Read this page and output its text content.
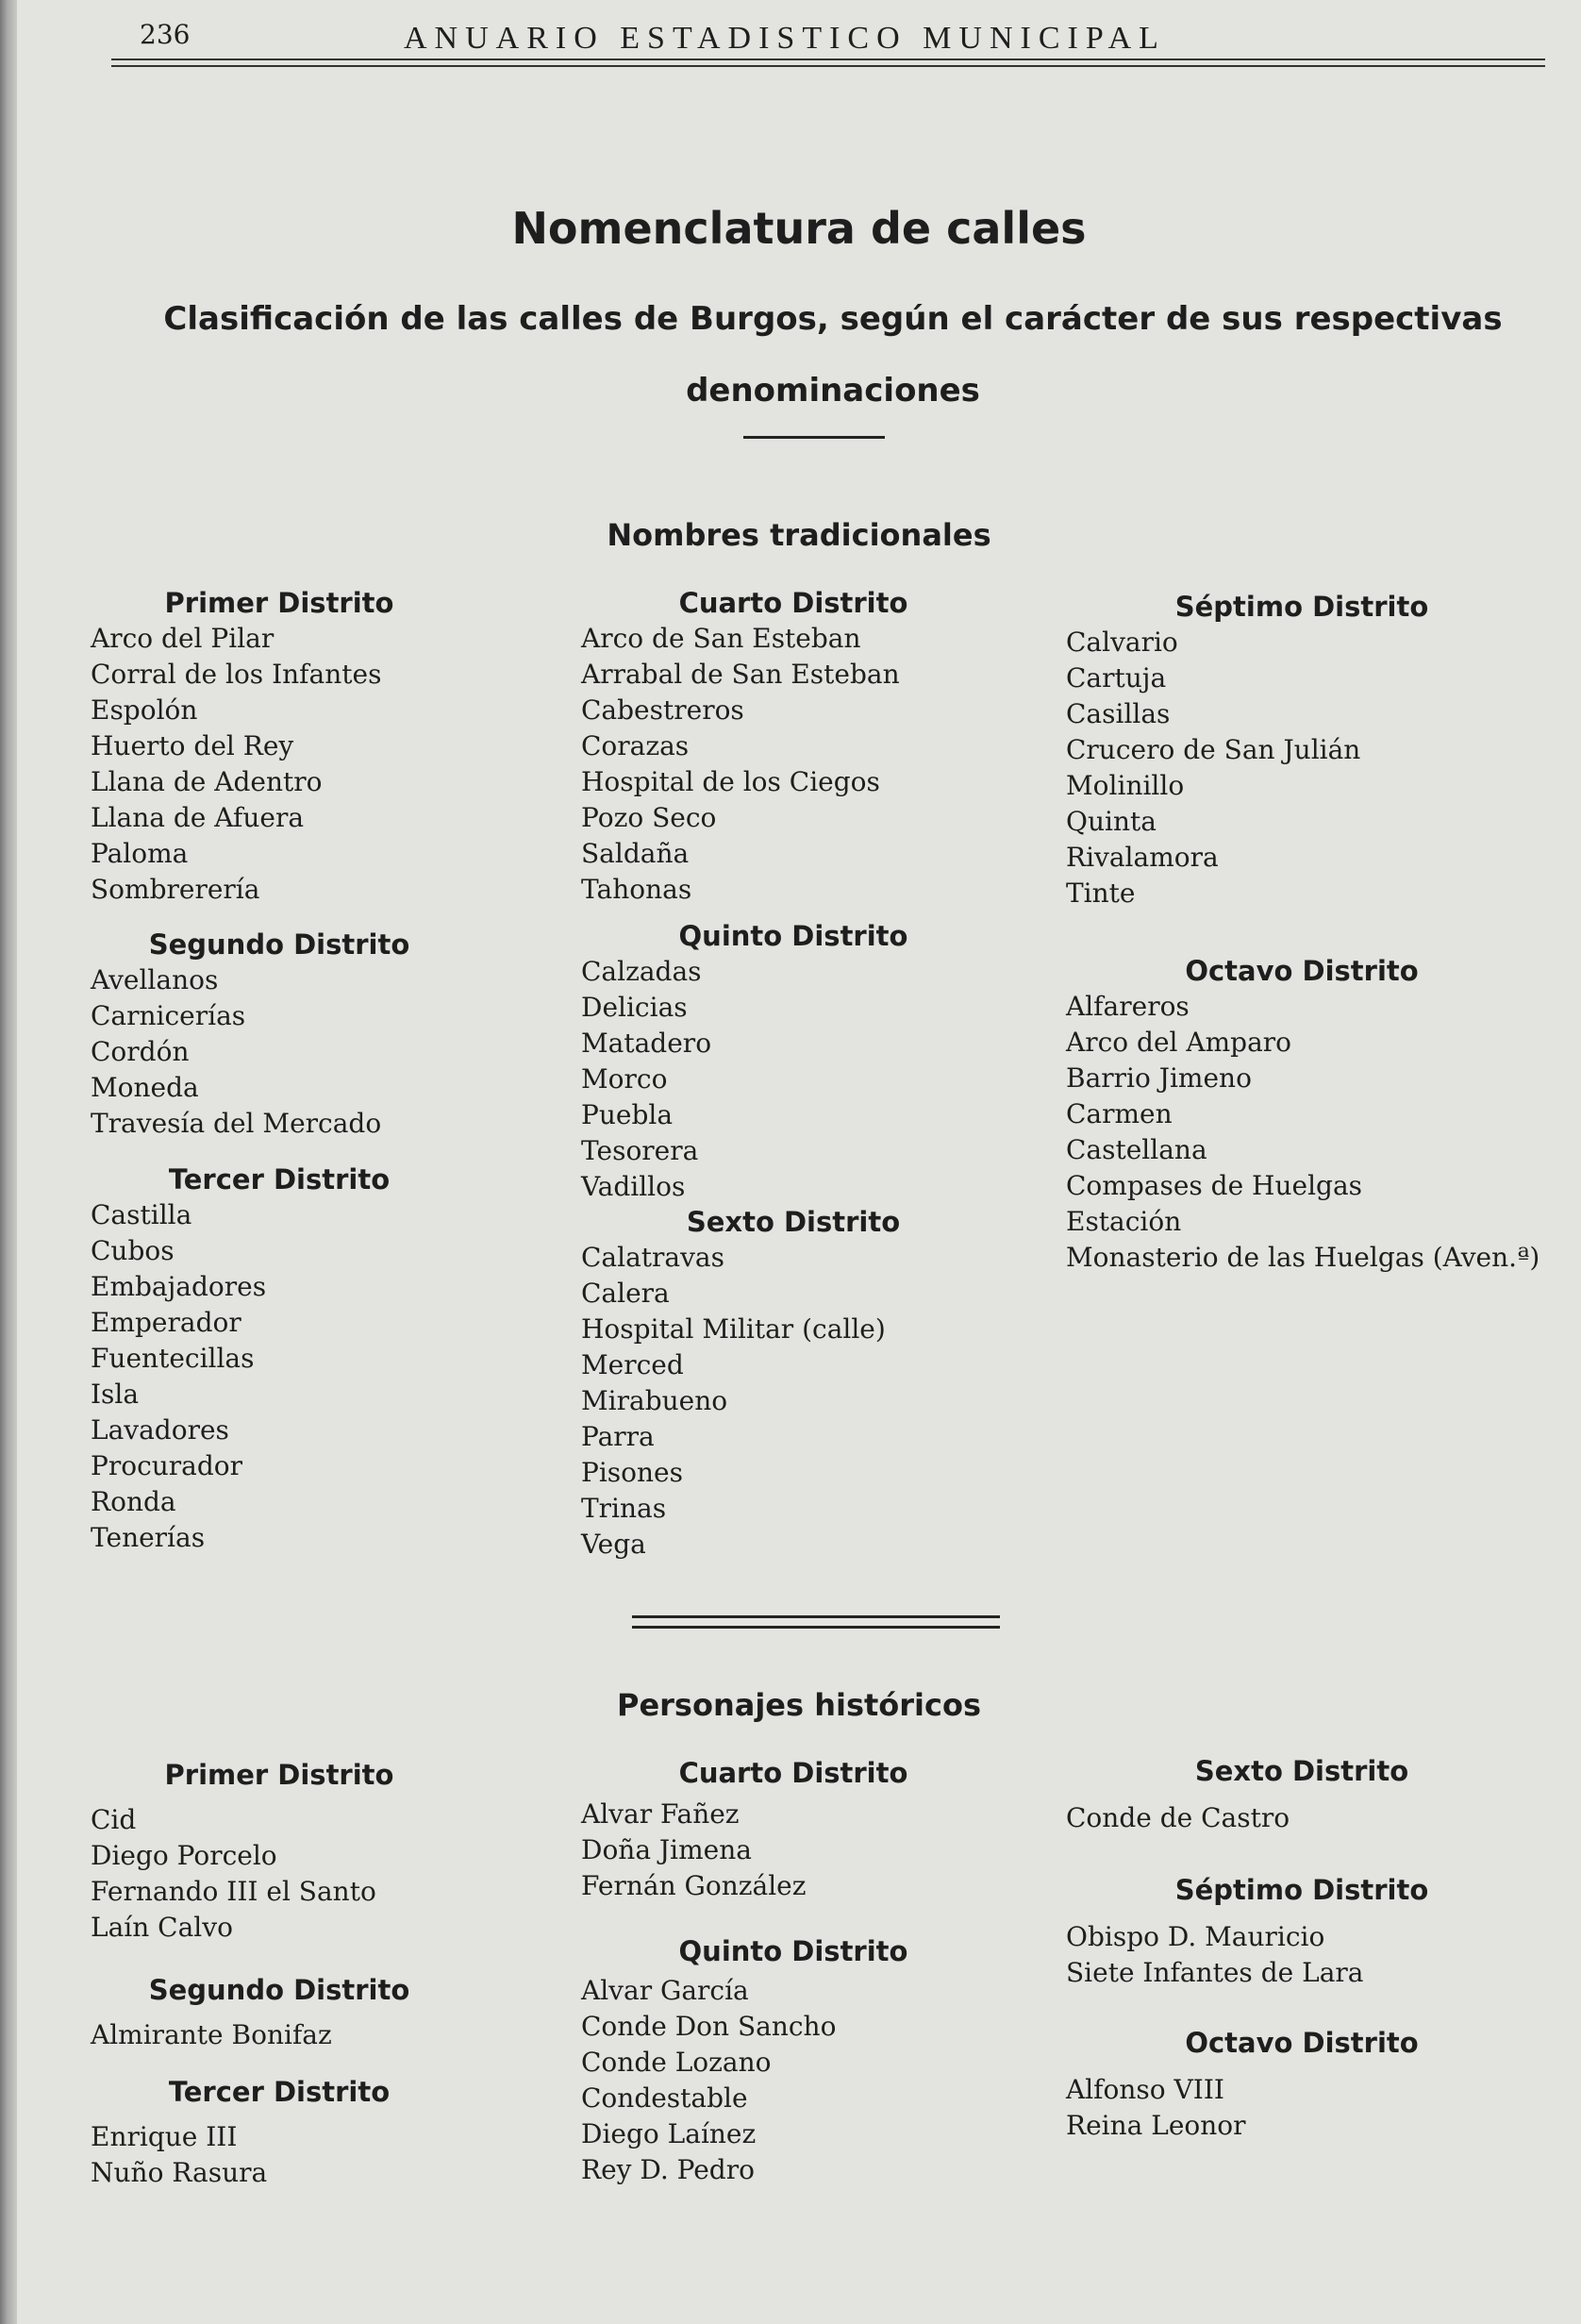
236	ANUARIO ESTADISTICO MUNICIPAL
Nomenclatura de calles
Clasificación de las calles de Burgos, según el carácter de sus respectivas denominaciones
Nombres tradicionales
Primer Distrito
Arco del Pilar
Corral de los Infantes
Espolón
Huerto del Rey
Llana de Adentro
Llana de Afuera
Paloma
Sombrerería
Segundo Distrito
Avellanos
Carnicerías
Cordón
Moneda
Travesía del Mercado
Tercer Distrito
Castilla
Cubos
Embajadores
Emperador
Fuentecillas
Isla
Lavadores
Procurador
Ronda
Tenerías
Cuarto Distrito
Arco de San Esteban
Arrabal de San Esteban
Cabestreros
Corazas
Hospital de los Ciegos
Pozo Seco
Saldaña
Tahonas
Quinto Distrito
Calzadas
Delicias
Matadero
Morco
Puebla
Tesorera
Vadillos
Sexto Distrito
Calatravas
Calera
Hospital Militar (calle)
Merced
Mirabueno
Parra
Pisones
Trinas
Vega
Séptimo Distrito
Calvario
Cartuja
Casillas
Crucero de San Julián
Molinillo
Quinta
Rivalamora
Tinte
Octavo Distrito
Alfareros
Arco del Amparo
Barrio Jimeno
Carmen
Castellana
Compases de Huelgas
Estación
Monasterio de las Huelgas (Aven.ª)
Personajes históricos
Primer Distrito
Cid
Diego Porcelo
Fernando III el Santo
Laín Calvo
Segundo Distrito
Almirante Bonifaz
Tercer Distrito
Enrique III
Nuño Rasura
Cuarto Distrito
Alvar Fañez
Doña Jimena
Fernán González
Quinto Distrito
Alvar García
Conde Don Sancho
Conde Lozano
Condestable
Diego Laínez
Rey D. Pedro
Sexto Distrito
Conde de Castro
Séptimo Distrito
Obispo D. Mauricio
Siete Infantes de Lara
Octavo Distrito
Alfonso VIII
Reina Leonor
